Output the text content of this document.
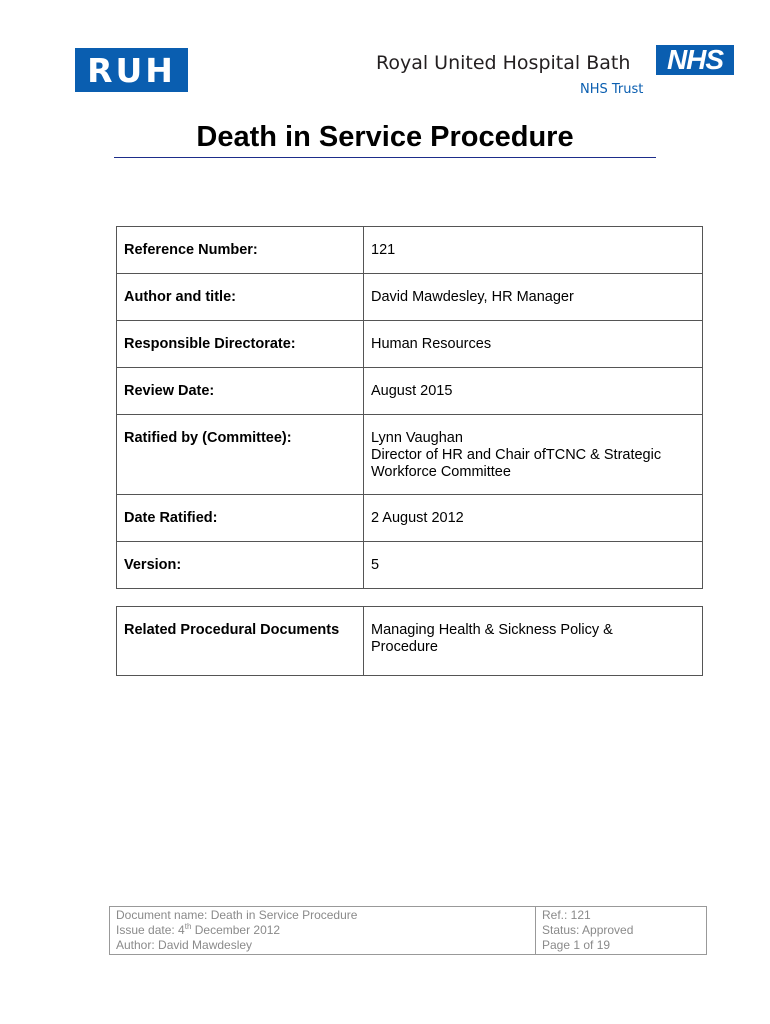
RUH	Royal United Hospital Bath	NHS
NHS Trust
Death in Service Procedure
Reference Number:	121
Author and title:	David Mawdesley, HR Manager
Responsible Directorate:	Human Resources
Review Date:	August 2015
Ratified by (Committee):	Lynn Vaughan
Director of HR and Chair ofTCNC & Strategic
Workforce Committee

Date Ratified:	2 August 2012
Version:	5
Related Procedural Documents	Managing Health & Sickness Policy &
Procedure
Document name: Death in Service Procedure
Issue date: 4th December 2012
Author: David Mawdesley

Ref.: 121
Status: Approved
Page 1 of 19
